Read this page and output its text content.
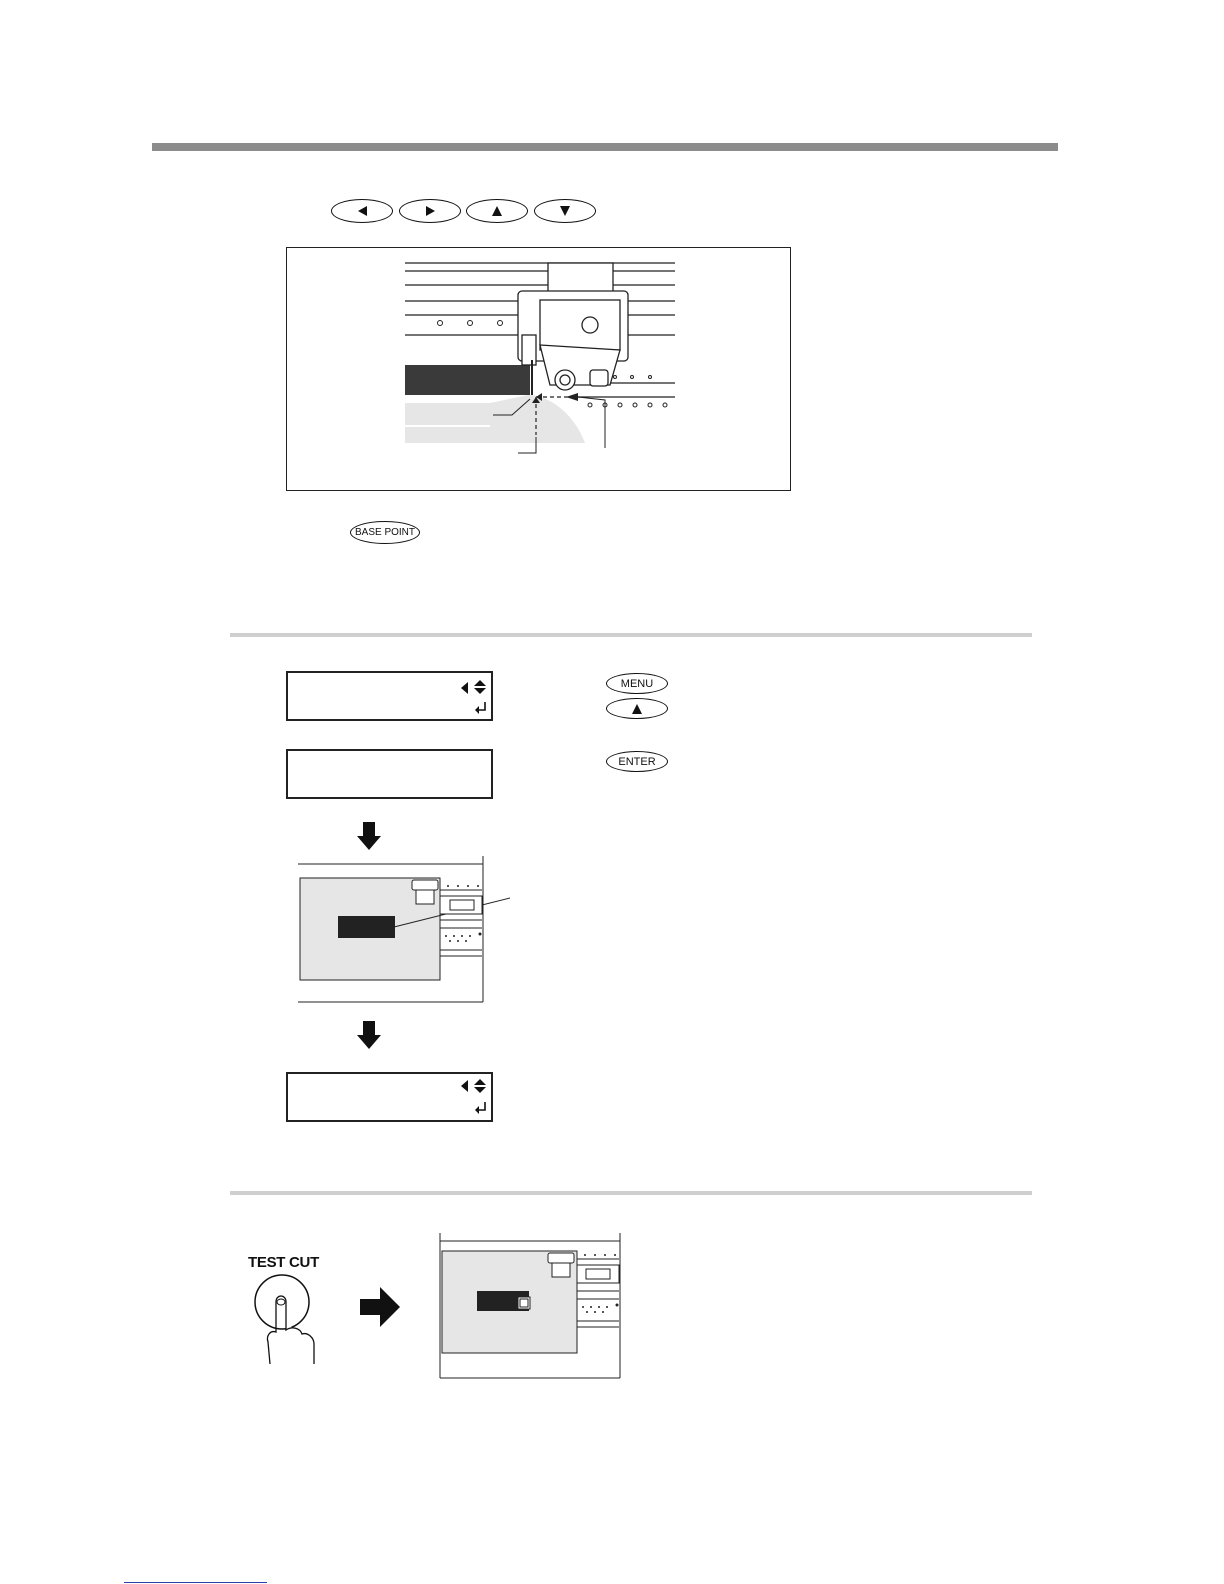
BASE POINT
MENU
ENTER
TEST CUT
